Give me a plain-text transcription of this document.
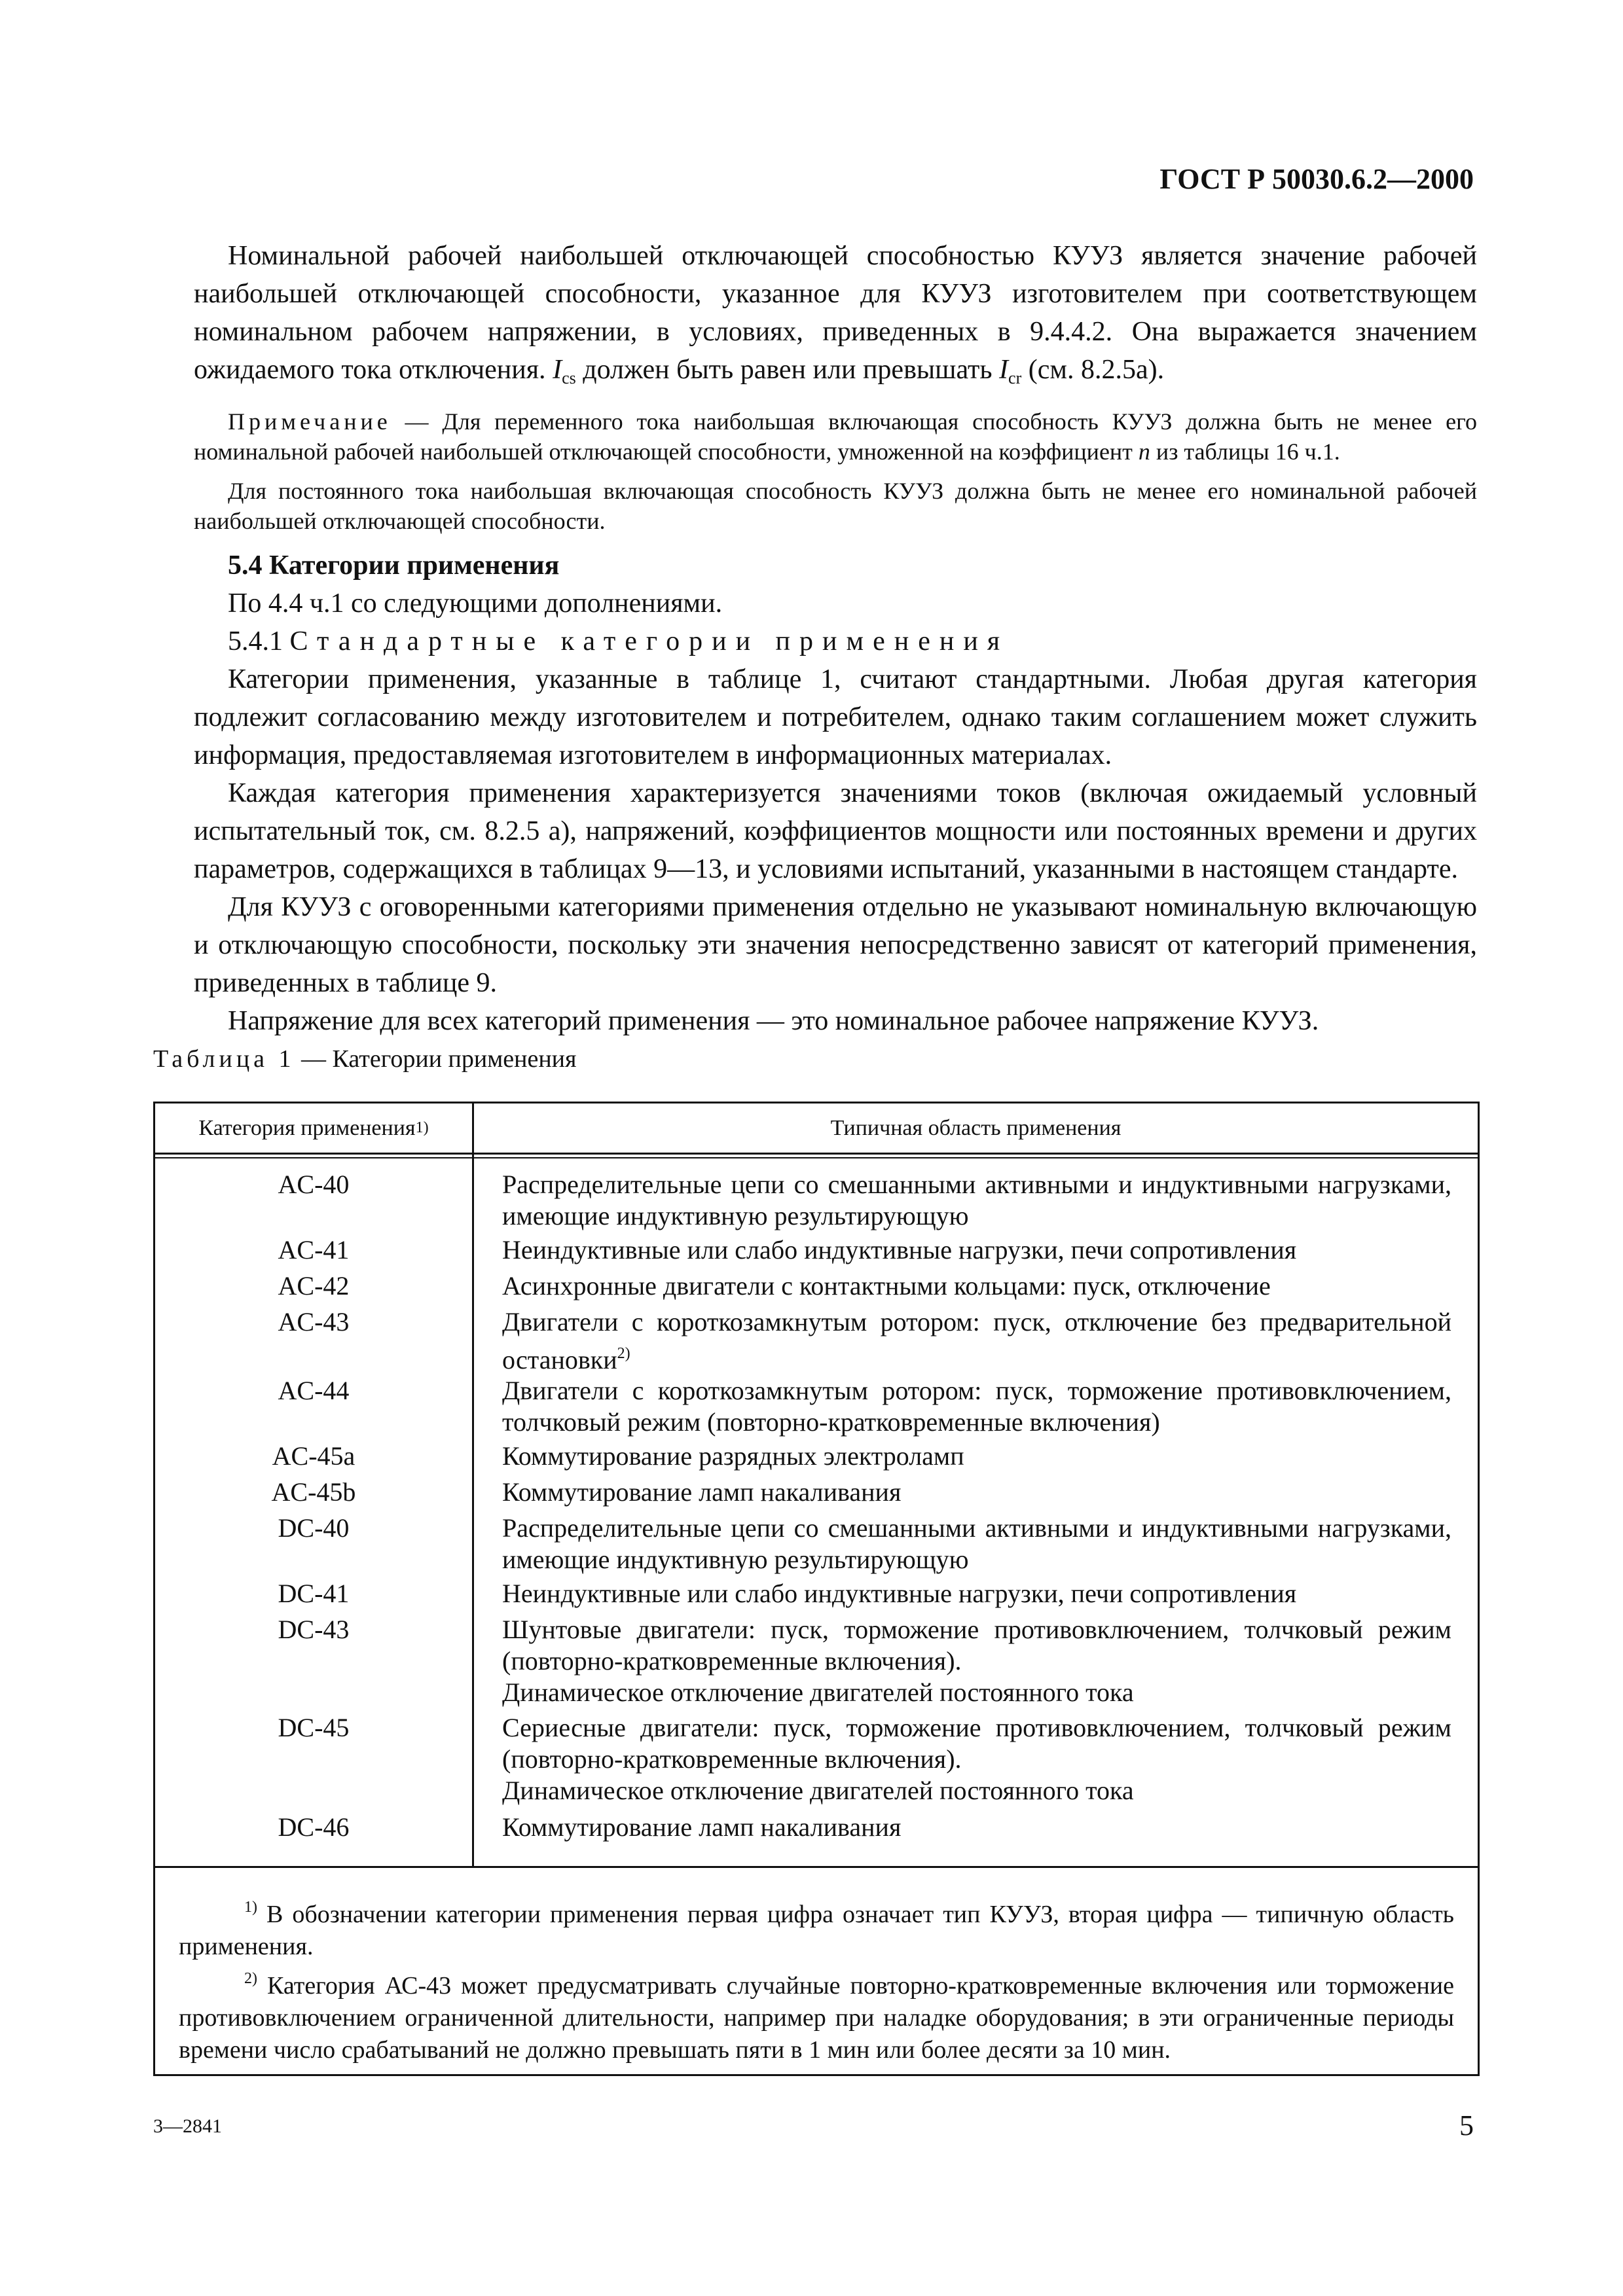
ГОСТ Р 50030.6.2—2000

Номинальной рабочей наибольшей отключающей способностью КУУЗ является значение рабочей наибольшей отключающей способности, указанное для КУУЗ изготовителем при соответствующем номинальном рабочем напряжении, в условиях, приведенных в 9.4.4.2. Она выражается значением ожидаемого тока отключения. $I_{cs}$ должен быть равен или превышать $I_{cr}$ (см. 8.2.5а).

Примечание — Для переменного тока наибольшая включающая способность КУУЗ должна быть не менее его номинальной рабочей наибольшей отключающей способности, умноженной на коэффициент n из таблицы 16 ч.1.

Для постоянного тока наибольшая включающая способность КУУЗ должна быть не менее его номинальной рабочей наибольшей отключающей способности.

5.4 Категории применения

По 4.4 ч.1 со следующими дополнениями.

5.4.1 Стандартные категории применения

Категории применения, указанные в таблице 1, считают стандартными. Любая другая категория подлежит согласованию между изготовителем и потребителем, однако таким соглашением может служить информация, предоставляемая изготовителем в информационных материалах.

Каждая категория применения характеризуется значениями токов (включая ожидаемый условный испытательный ток, см. 8.2.5 а), напряжений, коэффициентов мощности или постоянных времени и других параметров, содержащихся в таблицах 9—13, и условиями испытаний, указанными в настоящем стандарте.

Для КУУЗ с оговоренными категориями применения отдельно не указывают номинальную включающую и отключающую способности, поскольку эти значения непосредственно зависят от категорий применения, приведенных в таблице 9.

Напряжение для всех категорий применения — это номинальное рабочее напряжение КУУЗ.

Таблица 1 — Категории применения
Категория применения 1)	Типичная область применения
AC-40	Распределительные цепи со смешанными активными и индуктивными нагрузками, имеющие индуктивную результирующую
AC-41	Неиндуктивные или слабо индуктивные нагрузки, печи сопротивления
AC-42	Асинхронные двигатели с контактными кольцами: пуск, отключение
AC-43	Двигатели с короткозамкнутым ротором: пуск, отключение без предварительной остановки$^{2)}$
AC-44	Двигатели с короткозамкнутым ротором: пуск, торможение противовключением, толчковый режим (повторно-кратковременные включения)
AC-45a	Коммутирование разрядных электроламп
AC-45b	Коммутирование ламп накаливания
DC-40	Распределительные цепи со смешанными активными и индуктивными нагрузками, имеющие индуктивную результирующую
DC-41	Неиндуктивные или слабо индуктивные нагрузки, печи сопротивления
DC-43	Шунтовые двигатели: пуск, торможение противовключением, толчковый режим (повторно-кратковременные включения).
Динамическое отключение двигателей постоянного тока
DC-45	Сериесные двигатели: пуск, торможение противовключением, толчковый режим (повторно-кратковременные включения).
Динамическое отключение двигателей постоянного тока
DC-46	Коммутирование ламп накаливания

$^{1)}$ В обозначении категории применения первая цифра означает тип КУУЗ, вторая цифра — типичную область применения.

$^{2)}$ Категория АС-43 может предусматривать случайные повторно-кратковременные включения или торможение противовключением ограниченной длительности, например при наладке оборудования; в эти ограниченные периоды времени число срабатываний не должно превышать пяти в 1 мин или более десяти за 10 мин.

3—2841	5
